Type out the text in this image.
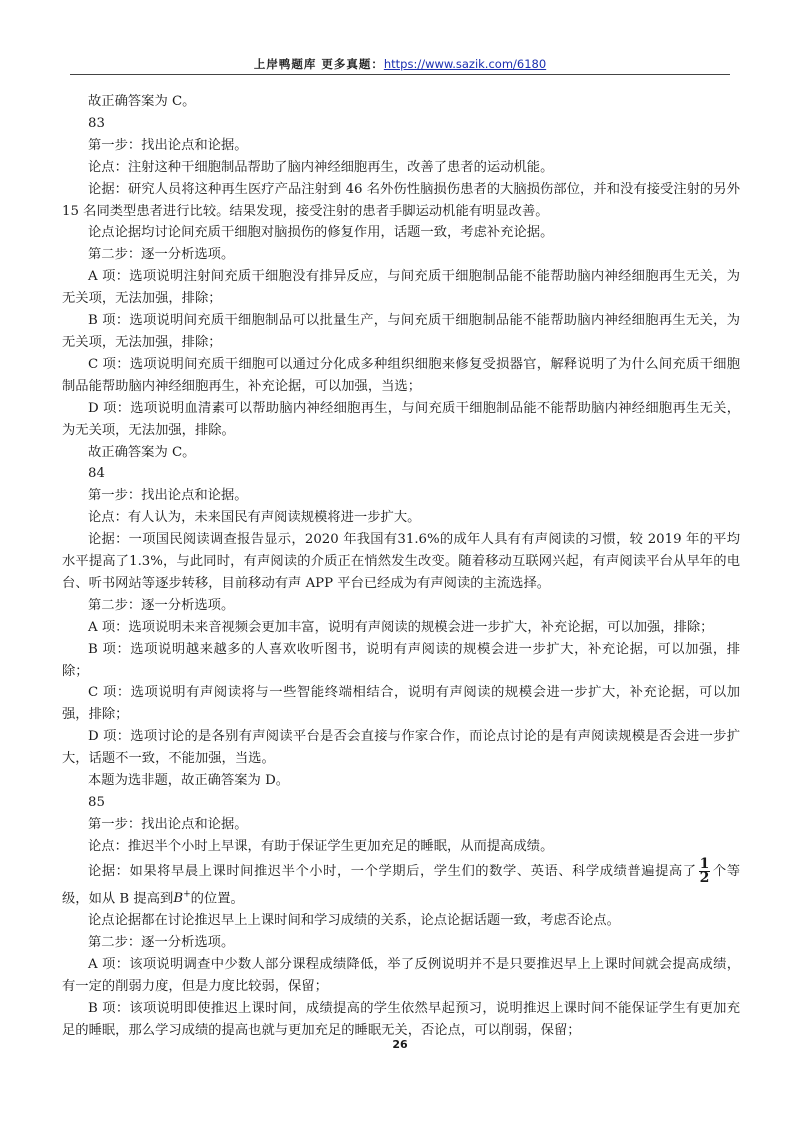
上岸鸭题库 更多真题：https://www.sazik.com/6180

故正确答案为 C。

83

第一步：找出论点和论据。

论点：注射这种干细胞制品帮助了脑内神经细胞再生，改善了患者的运动机能。

论据：研究人员将这种再生医疗产品注射到 46 名外伤性脑损伤患者的大脑损伤部位，并和没有接受注射的另外 15 名同类型患者进行比较。结果发现，接受注射的患者手脚运动机能有明显改善。

论点论据均讨论间充质干细胞对脑损伤的修复作用，话题一致，考虑补充论据。

第二步：逐一分析选项。

A 项：选项说明注射间充质干细胞没有排异反应，与间充质干细胞制品能不能帮助脑内神经细胞再生无关，为无关项，无法加强，排除；

B 项：选项说明间充质干细胞制品可以批量生产，与间充质干细胞制品能不能帮助脑内神经细胞再生无关，为无关项，无法加强，排除；

C 项：选项说明间充质干细胞可以通过分化成多种组织细胞来修复受损器官，解释说明了为什么间充质干细胞制品能帮助脑内神经细胞再生，补充论据，可以加强，当选；

D 项：选项说明血清素可以帮助脑内神经细胞再生，与间充质干细胞制品能不能帮助脑内神经细胞再生无关，为无关项，无法加强，排除。

故正确答案为 C。

84

第一步：找出论点和论据。

论点：有人认为，未来国民有声阅读规模将进一步扩大。

论据：一项国民阅读调查报告显示，2020 年我国有31.6%的成年人具有有声阅读的习惯，较 2019 年的平均水平提高了1.3%，与此同时，有声阅读的介质正在悄然发生改变。随着移动互联网兴起，有声阅读平台从早年的电台、听书网站等逐步转移，目前移动有声 APP 平台已经成为有声阅读的主流选择。

第二步：逐一分析选项。

A 项：选项说明未来音视频会更加丰富，说明有声阅读的规模会进一步扩大，补充论据，可以加强，排除；

B 项：选项说明越来越多的人喜欢收听图书，说明有声阅读的规模会进一步扩大，补充论据，可以加强，排除；

C 项：选项说明有声阅读将与一些智能终端相结合，说明有声阅读的规模会进一步扩大，补充论据，可以加强，排除；

D 项：选项讨论的是各别有声阅读平台是否会直接与作家合作，而论点讨论的是有声阅读规模是否会进一步扩大，话题不一致，不能加强，当选。

本题为选非题，故正确答案为 D。

85

第一步：找出论点和论据。

论点：推迟半个小时上早课，有助于保证学生更加充足的睡眠，从而提高成绩。

论据：如果将早晨上课时间推迟半个小时，一个学期后，学生们的数学、英语、科学成绩普遍提高了 $\frac{1}{2}$ 个等级，如从 B 提高到B+的位置。

论点论据都在讨论推迟早上上课时间和学习成绩的关系，论点论据话题一致，考虑否论点。

第二步：逐一分析选项。

A 项：该项说明调查中少数人部分课程成绩降低，举了反例说明并不是只要推迟早上上课时间就会提高成绩，有一定的削弱力度，但是力度比较弱，保留；

B 项：该项说明即使推迟上课时间，成绩提高的学生依然早起预习，说明推迟上课时间不能保证学生有更加充足的睡眠，那么学习成绩的提高也就与更加充足的睡眠无关，否论点，可以削弱，保留；

26
